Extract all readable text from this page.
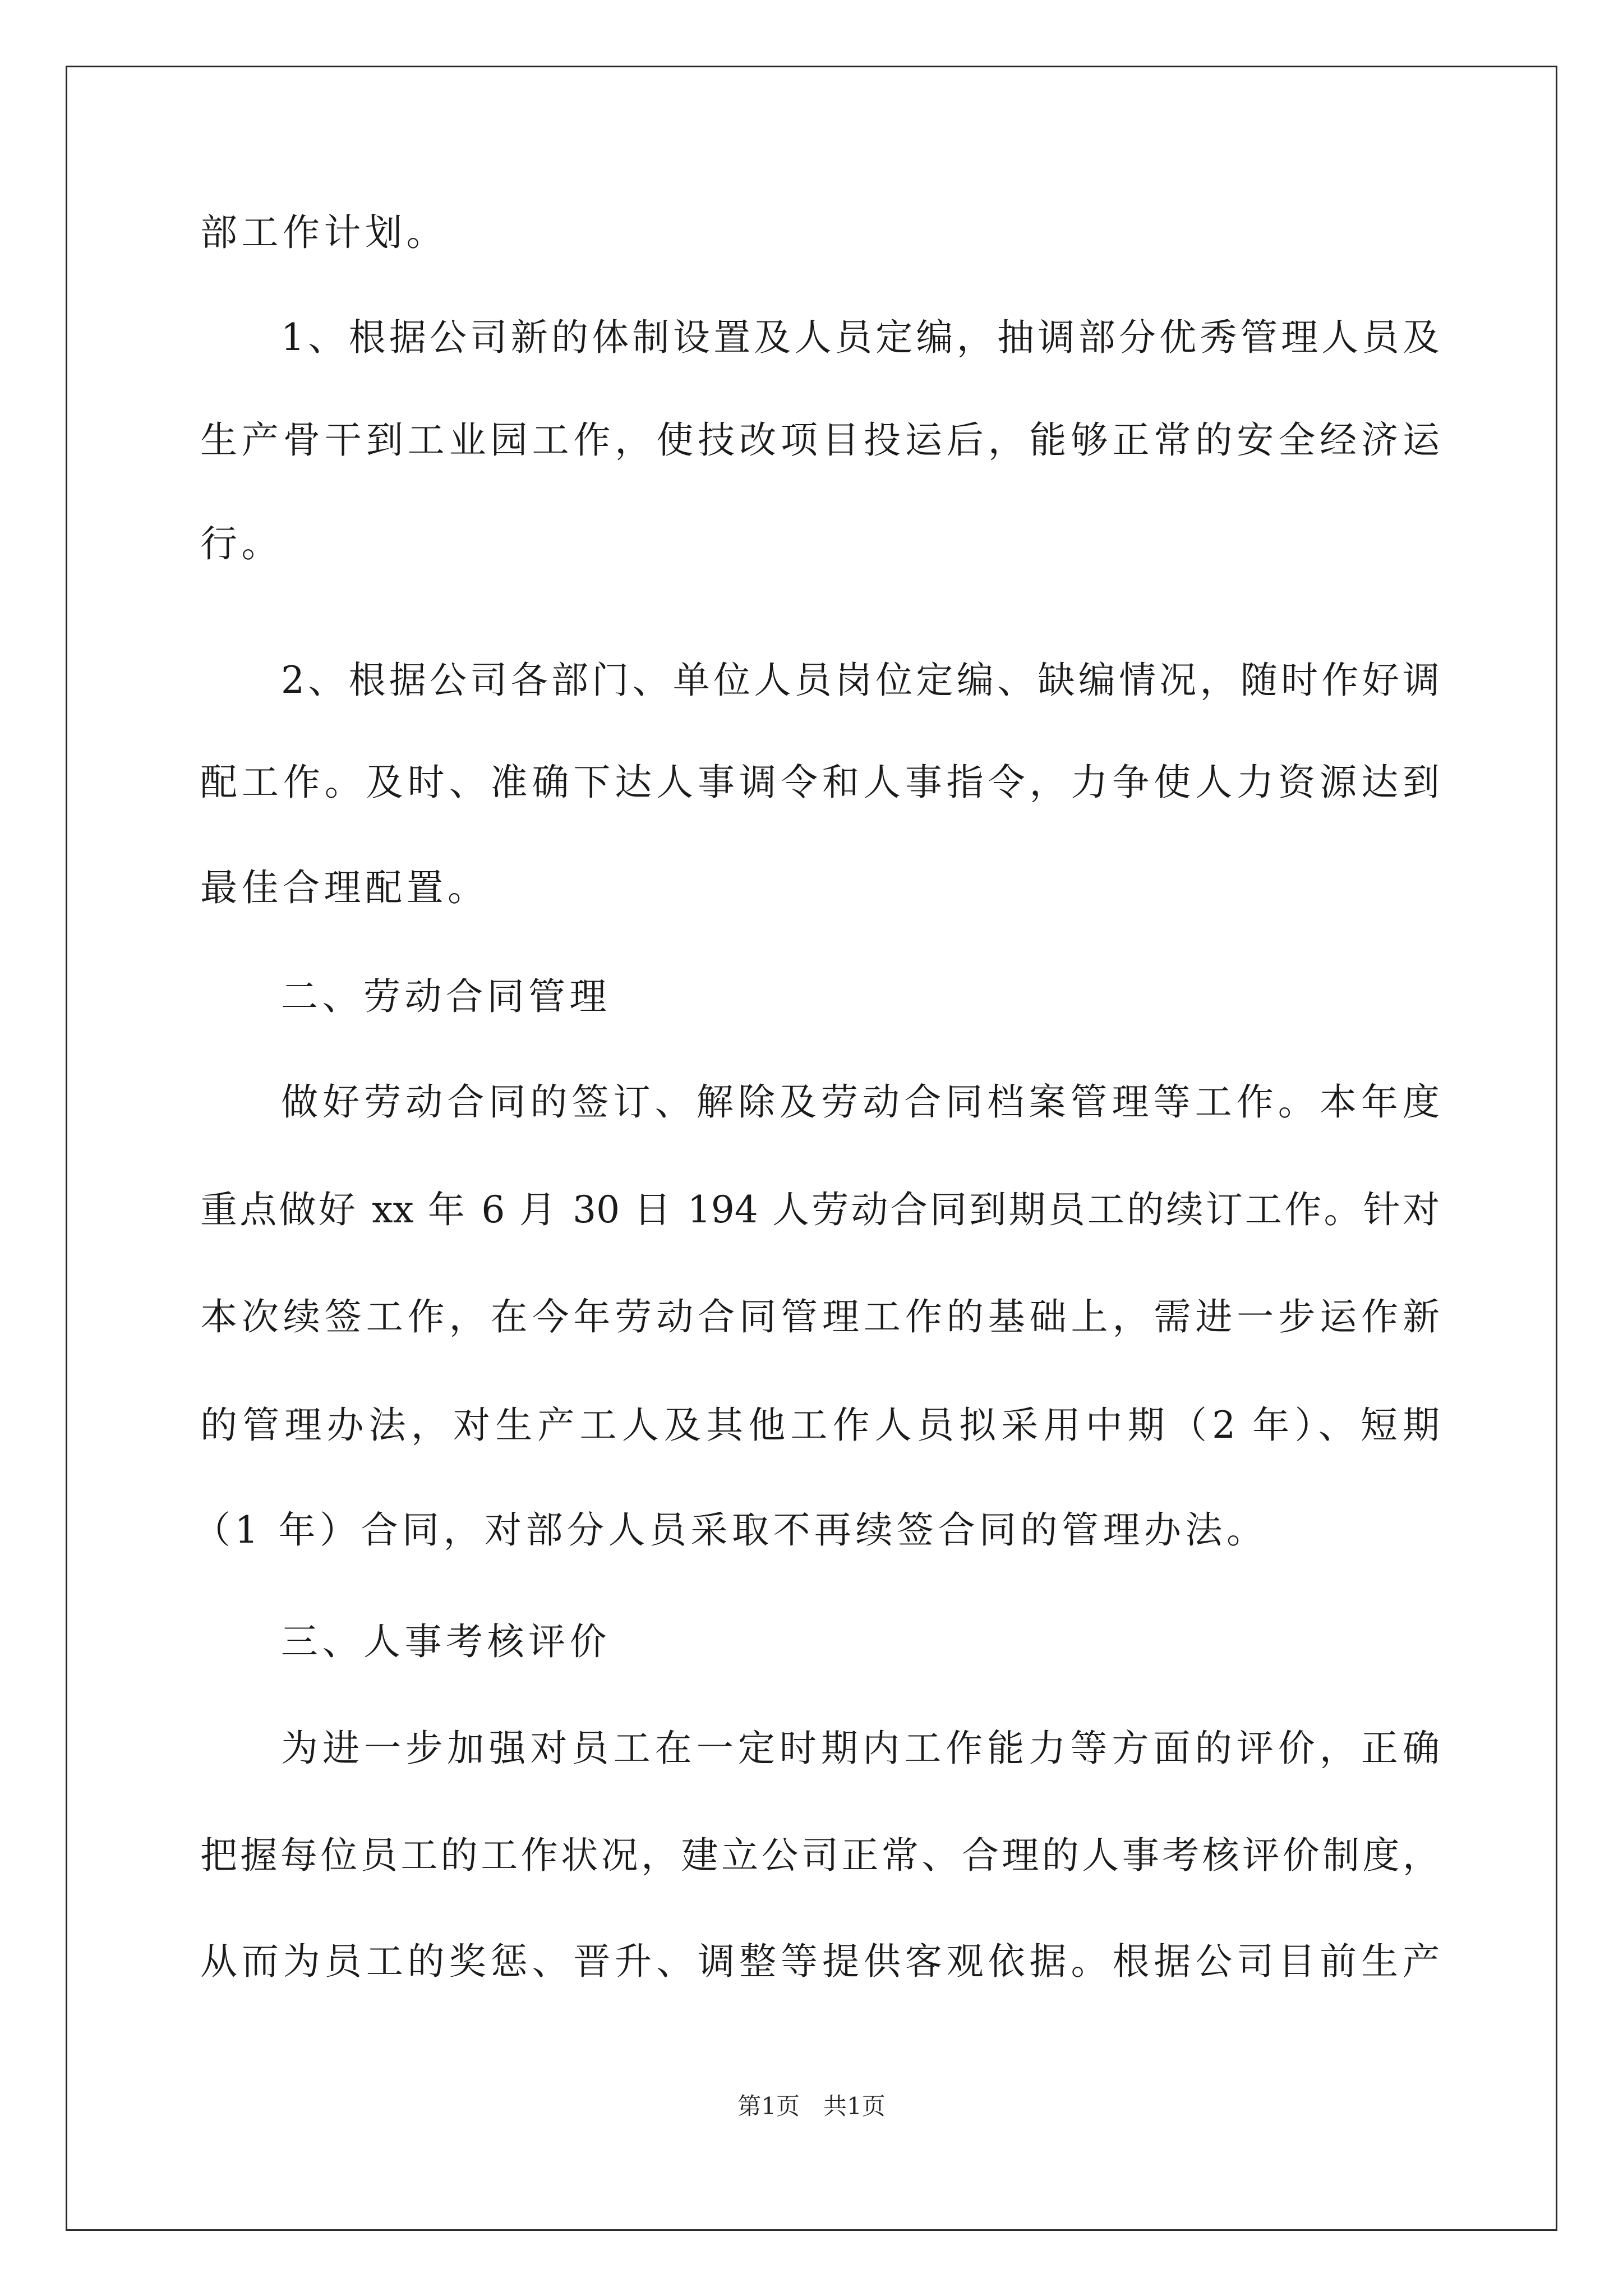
部工作计划。
1、根据公司新的体制设置及人员定编，抽调部分优秀管理人员及
生产骨干到工业园工作，使技改项目投运后，能够正常的安全经济运
行。
2、根据公司各部门、单位人员岗位定编、缺编情况，随时作好调
配工作。及时、准确下达人事调令和人事指令，力争使人力资源达到
最佳合理配置。
二、劳动合同管理
做好劳动合同的签订、解除及劳动合同档案管理等工作。本年度
重点做好 xx 年 6 月 30 日 194 人劳动合同到期员工的续订工作。针对
本次续签工作，在今年劳动合同管理工作的基础上，需进一步运作新
的管理办法，对生产工人及其他工作人员拟采用中期（2 年）、短期
（1 年）合同，对部分人员采取不再续签合同的管理办法。
三、人事考核评价
为进一步加强对员工在一定时期内工作能力等方面的评价，正确
把握每位员工的工作状况，建立公司正常、合理的人事考核评价制度，
从而为员工的奖惩、晋升、调整等提供客观依据。根据公司目前生产
第1页　共1页
